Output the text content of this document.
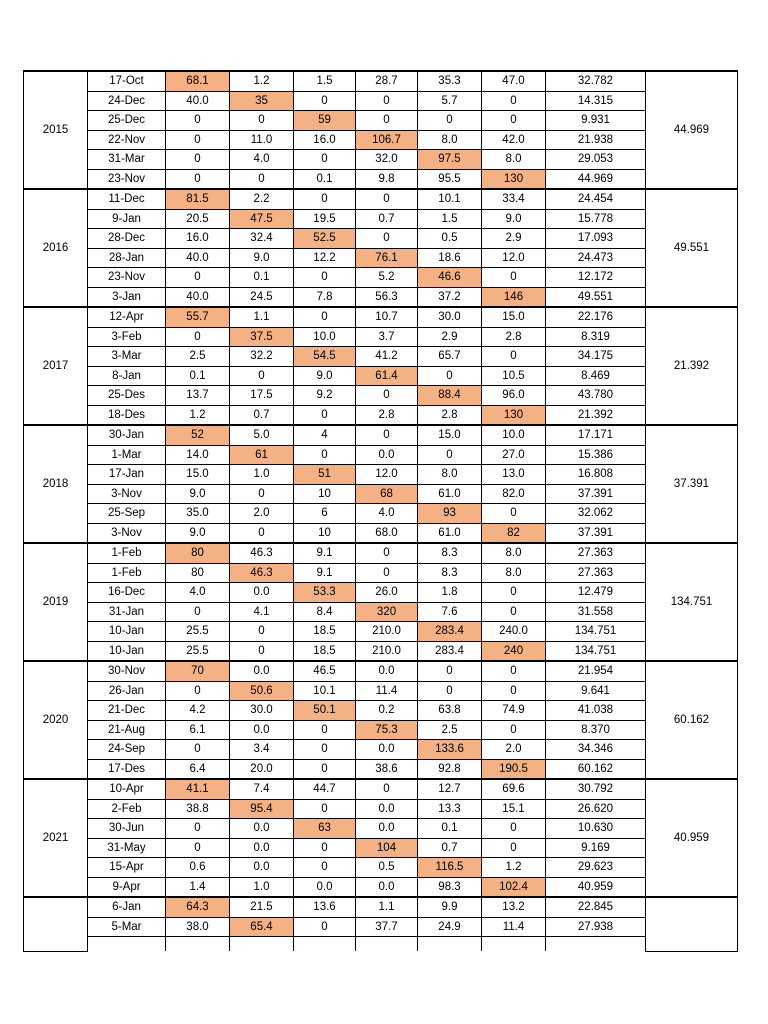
2015	17-Oct	68.1	1.2	1.5	28.7	35.3	47.0	32.782	44.969
	24-Dec	40.0	35	0	0	5.7	0	14.315	
	25-Dec	0	0	59	0	0	0	9.931	
	22-Nov	0	11.0	16.0	106.7	8.0	42.0	21.938	
	31-Mar	0	4.0	0	32.0	97.5	8.0	29.053	
	23-Nov	0	0	0.1	9.8	95.5	130	44.969	
2016	11-Dec	81.5	2.2	0	0	10.1	33.4	24.454	49.551
	9-Jan	20.5	47.5	19.5	0.7	1.5	9.0	15.778	
	28-Dec	16.0	32.4	52.5	0	0.5	2.9	17.093	
	28-Jan	40.0	9.0	12.2	76.1	18.6	12.0	24.473	
	23-Nov	0	0.1	0	5.2	46.6	0	12.172	
	3-Jan	40.0	24.5	7.8	56.3	37.2	146	49.551	
2017	12-Apr	55.7	1.1	0	10.7	30.0	15.0	22.176	21.392
	3-Feb	0	37.5	10.0	3.7	2.9	2.8	8.319	
	3-Mar	2.5	32.2	54.5	41.2	65.7	0	34.175	
	8-Jan	0.1	0	9.0	61.4	0	10.5	8.469	
	25-Des	13.7	17.5	9.2	0	88.4	96.0	43.780	
	18-Des	1.2	0.7	0	2.8	2.8	130	21.392	
2018	30-Jan	52	5.0	4	0	15.0	10.0	17.171	37.391
	1-Mar	14.0	61	0	0.0	0	27.0	15.386	
	17-Jan	15.0	1.0	51	12.0	8.0	13.0	16.808	
	3-Nov	9.0	0	10	68	61.0	82.0	37.391	
	25-Sep	35.0	2.0	6	4.0	93	0	32.062	
	3-Nov	9.0	0	10	68.0	61.0	82	37.391	
2019	1-Feb	80	46.3	9.1	0	8.3	8.0	27.363	134.751
	1-Feb	80	46.3	9.1	0	8.3	8.0	27.363	
	16-Dec	4.0	0.0	53.3	26.0	1.8	0	12.479	
	31-Jan	0	4.1	8.4	320	7.6	0	31.558	
	10-Jan	25.5	0	18.5	210.0	283.4	240.0	134.751	
	10-Jan	25.5	0	18.5	210.0	283.4	240	134.751	
2020	30-Nov	70	0.0	46.5	0.0	0	0	21.954	60.162
	26-Jan	0	50.6	10.1	11.4	0	0	9.641	
	21-Dec	4.2	30.0	50.1	0.2	63.8	74.9	41.038	
	21-Aug	6.1	0.0	0	75.3	2.5	0	8.370	
	24-Sep	0	3.4	0	0.0	133.6	2.0	34.346	
	17-Des	6.4	20.0	0	38.6	92.8	190.5	60.162	
2021	10-Apr	41.1	7.4	44.7	0	12.7	69.6	30.792	40.959
	2-Feb	38.8	95.4	0	0.0	13.3	15.1	26.620	
	30-Jun	0	0.0	63	0.0	0.1	0	10.630	
	31-May	0	0.0	0	104	0.7	0	9.169	
	15-Apr	0.6	0.0	0	0.5	116.5	1.2	29.623	
	9-Apr	1.4	1.0	0.0	0.0	98.3	102.4	40.959	
	6-Jan	64.3	21.5	13.6	1.1	9.9	13.2	22.845	
	5-Mar	38.0	65.4	0	37.7	24.9	11.4	27.938	
